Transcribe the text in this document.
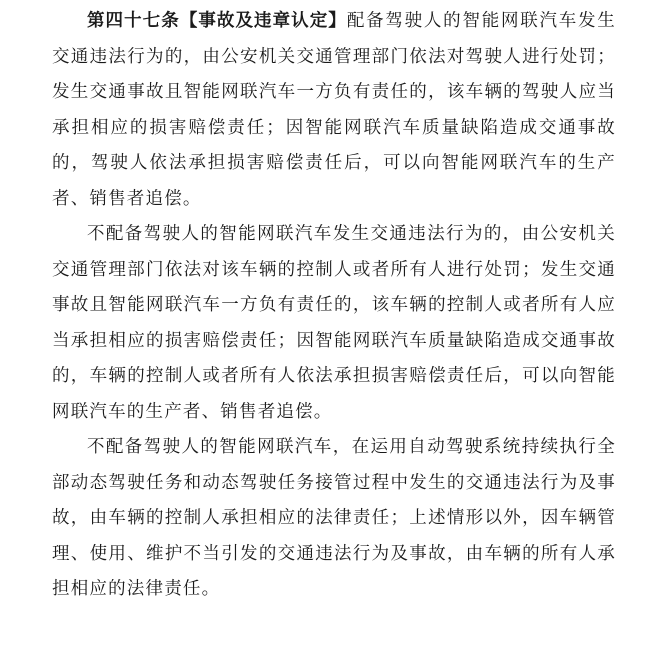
第四十七条【事故及违章认定】配备驾驶人的智能网联汽车发生交通违法行为的，由公安机关交通管理部门依法对驾驶人进行处罚；发生交通事故且智能网联汽车一方负有责任的，该车辆的驾驶人应当承担相应的损害赔偿责任；因智能网联汽车质量缺陷造成交通事故的，驾驶人依法承担损害赔偿责任后，可以向智能网联汽车的生产者、销售者追偿。

不配备驾驶人的智能网联汽车发生交通违法行为的，由公安机关交通管理部门依法对该车辆的控制人或者所有人进行处罚；发生交通事故且智能网联汽车一方负有责任的，该车辆的控制人或者所有人应当承担相应的损害赔偿责任；因智能网联汽车质量缺陷造成交通事故的，车辆的控制人或者所有人依法承担损害赔偿责任后，可以向智能网联汽车的生产者、销售者追偿。

不配备驾驶人的智能网联汽车，在运用自动驾驶系统持续执行全部动态驾驶任务和动态驾驶任务接管过程中发生的交通违法行为及事故，由车辆的控制人承担相应的法律责任；上述情形以外，因车辆管理、使用、维护不当引发的交通违法行为及事故，由车辆的所有人承担相应的法律责任。
